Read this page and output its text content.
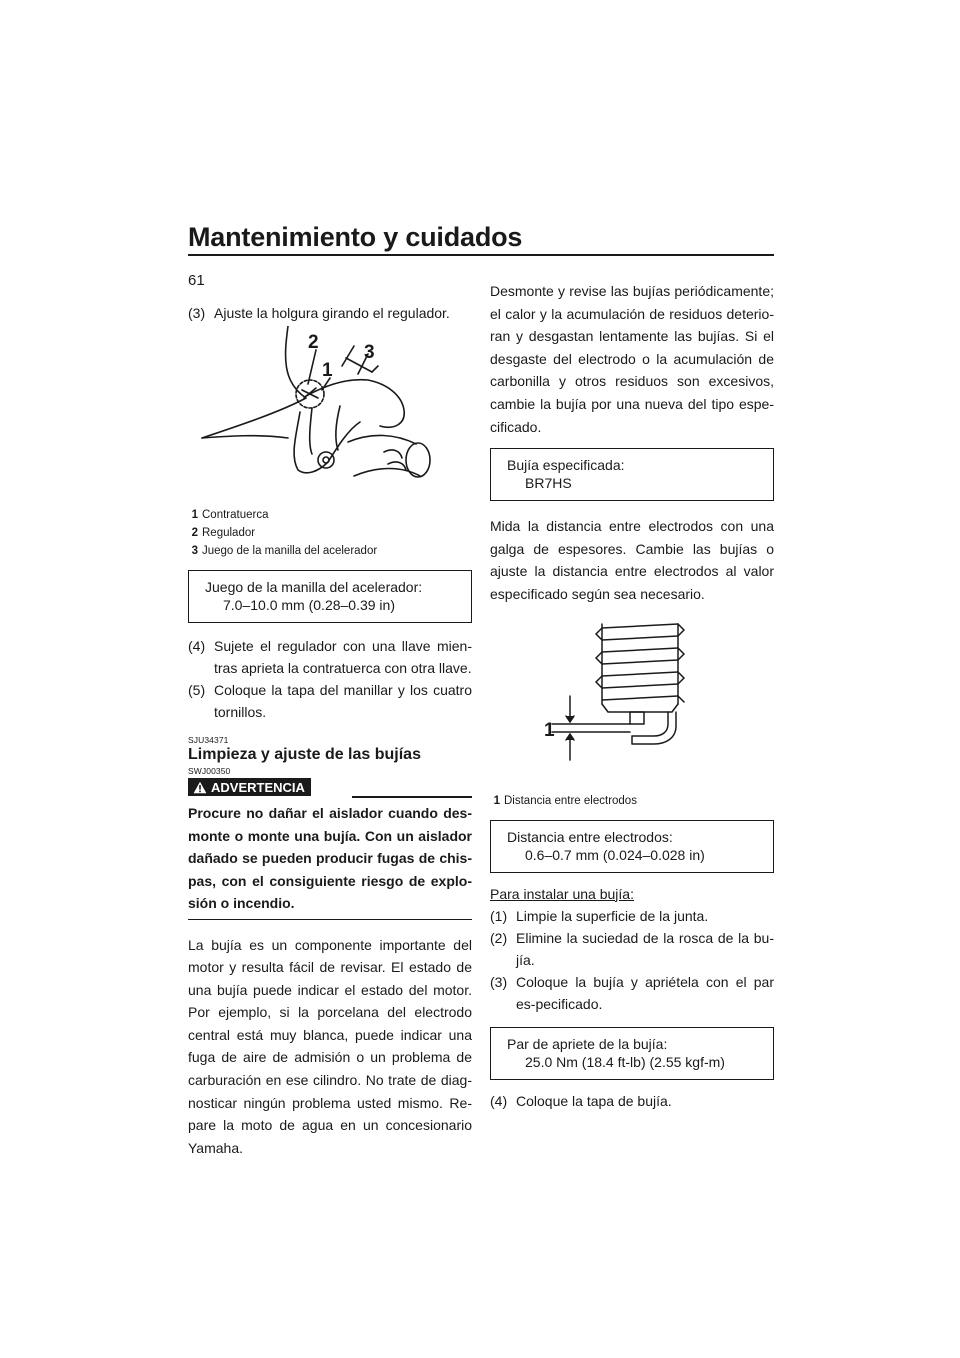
Mantenimiento y cuidados
61
(3) Ajuste la holgura girando el regulador.
2
1
3
1 Contratuerca
2 Regulador
3 Juego de la manilla del acelerador
Juego de la manilla del acelerador:
7.0–10.0 mm (0.28–0.39 in)
(4) Sujete el regulador con una llave mien-tras aprieta la contratuerca con otra llave.
(5) Coloque la tapa del manillar y los cuatro tornillos.
SJU34371
Limpieza y ajuste de las bujías
SWJ00350
ADVERTENCIA
Procure no dañar el aislador cuando des-monte o monte una bujía. Con un aislador dañado se pueden producir fugas de chis-pas, con el consiguiente riesgo de explo-sión o incendio.
La bujía es un componente importante del motor y resulta fácil de revisar. El estado de una bujía puede indicar el estado del motor. Por ejemplo, si la porcelana del electrodo central está muy blanca, puede indicar una fuga de aire de admisión o un problema de carburación en ese cilindro. No trate de diag-nosticar ningún problema usted mismo. Re-pare la moto de agua en un concesionario Yamaha.
Desmonte y revise las bujías periódicamente; el calor y la acumulación de residuos deterio-ran y desgastan lentamente las bujías. Si el desgaste del electrodo o la acumulación de carbonilla y otros residuos son excesivos, cambie la bujía por una nueva del tipo espe-cificado.
Bujía especificada:
BR7HS
Mida la distancia entre electrodos con una galga de espesores. Cambie las bujías o ajuste la distancia entre electrodos al valor especificado según sea necesario.
1
1 Distancia entre electrodos
Distancia entre electrodos:
0.6–0.7 mm (0.024–0.028 in)
Para instalar una bujía:
(1) Limpie la superficie de la junta.
(2) Elimine la suciedad de la rosca de la bu-jía.
(3) Coloque la bujía y apriétela con el par es-pecificado.
Par de apriete de la bujía:
25.0 Nm (18.4 ft-lb) (2.55 kgf-m)
(4) Coloque la tapa de bujía.
